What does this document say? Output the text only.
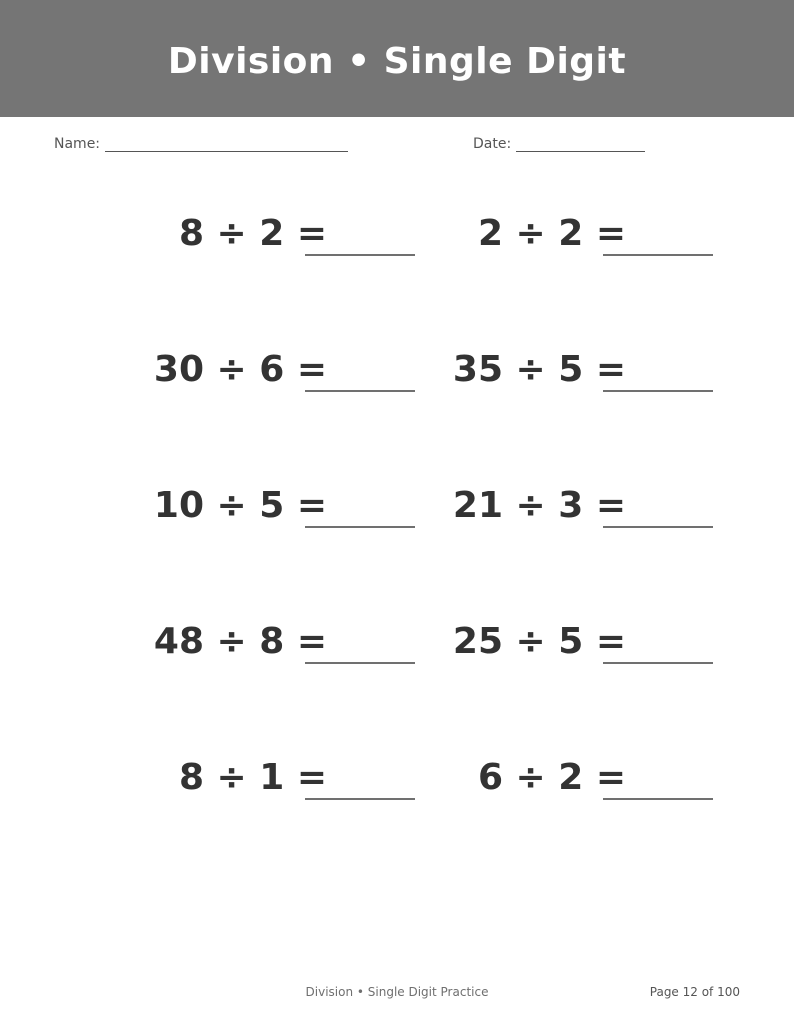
Division • Single Digit
Name:	Date:
8 ÷ 2 =	2 ÷ 2 =
30 ÷ 6 =	35 ÷ 5 =
10 ÷ 5 =	21 ÷ 3 =
48 ÷ 8 =	25 ÷ 5 =
8 ÷ 1 =	6 ÷ 2 =
Division • Single Digit Practice	Page 12 of 100
